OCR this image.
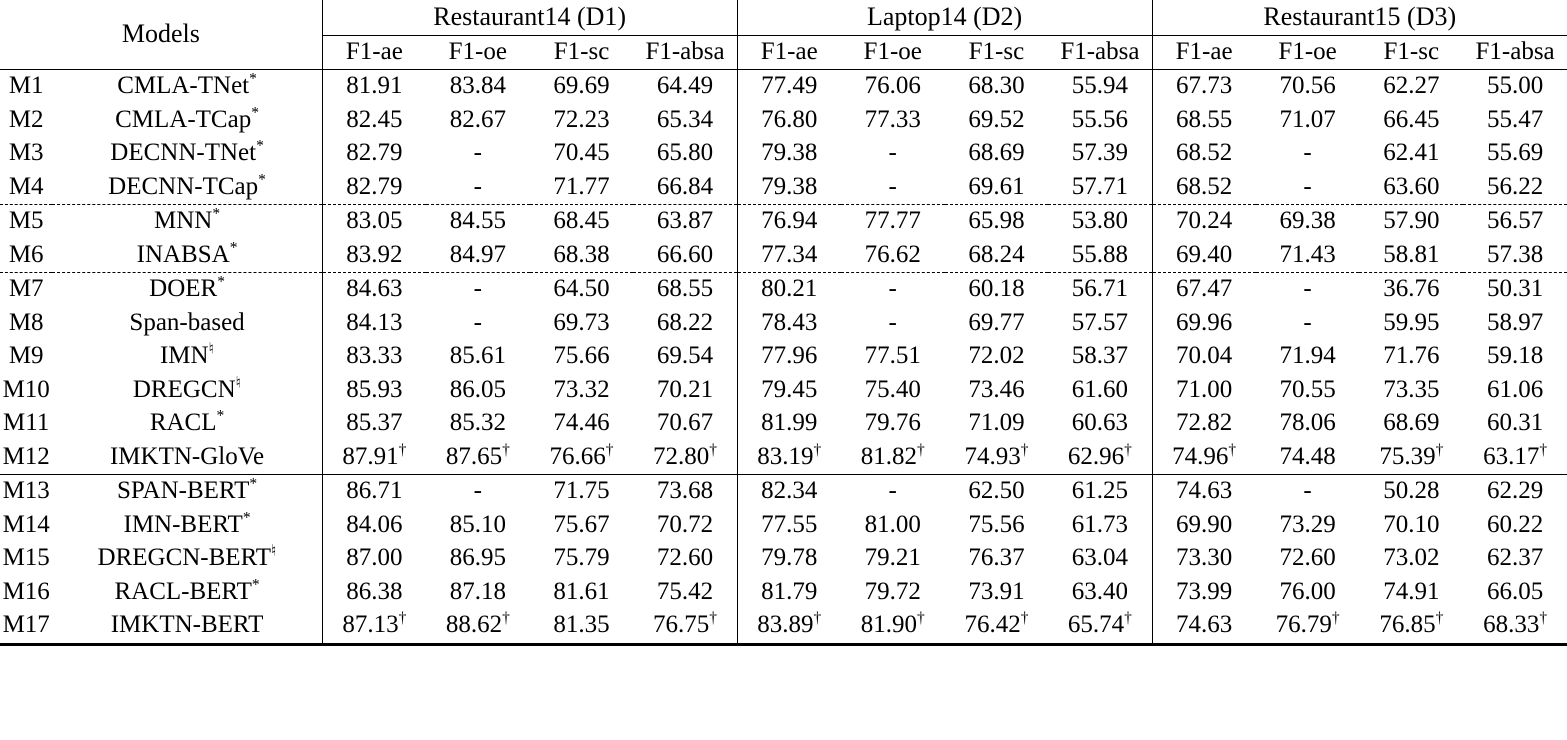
Models		Restaurant14 (D1)				Laptop14 (D2)				Restaurant15 (D3)			
		F1-ae	F1-oe	F1-sc	F1-absa	F1-ae	F1-oe	F1-sc	F1-absa	F1-ae	F1-oe	F1-sc	F1-absa
M1	CMLA-TNet*	81.91	83.84	69.69	64.49	77.49	76.06	68.30	55.94	67.73	70.56	62.27	55.00
M2	CMLA-TCap*	82.45	82.67	72.23	65.34	76.80	77.33	69.52	55.56	68.55	71.07	66.45	55.47
M3	DECNN-TNet*	82.79	-	70.45	65.80	79.38	-	68.69	57.39	68.52	-	62.41	55.69
M4	DECNN-TCap*	82.79	-	71.77	66.84	79.38	-	69.61	57.71	68.52	-	63.60	56.22
M5	MNN*	83.05	84.55	68.45	63.87	76.94	77.77	65.98	53.80	70.24	69.38	57.90	56.57
M6	INABSA*	83.92	84.97	68.38	66.60	77.34	76.62	68.24	55.88	69.40	71.43	58.81	57.38
M7	DOER*	84.63	-	64.50	68.55	80.21	-	60.18	56.71	67.47	-	36.76	50.31
M8	Span-based	84.13	-	69.73	68.22	78.43	-	69.77	57.57	69.96	-	59.95	58.97
M9	IMN♮	83.33	85.61	75.66	69.54	77.96	77.51	72.02	58.37	70.04	71.94	71.76	59.18
M10	DREGCN♮	85.93	86.05	73.32	70.21	79.45	75.40	73.46	61.60	71.00	70.55	73.35	61.06
M11	RACL*	85.37	85.32	74.46	70.67	81.99	79.76	71.09	60.63	72.82	78.06	68.69	60.31
M12	IMKTN-GloVe	87.91†	87.65†	76.66†	72.80†	83.19†	81.82†	74.93†	62.96†	74.96†	74.48	75.39†	63.17†
M13	SPAN-BERT*	86.71	-	71.75	73.68	82.34	-	62.50	61.25	74.63	-	50.28	62.29
M14	IMN-BERT*	84.06	85.10	75.67	70.72	77.55	81.00	75.56	61.73	69.90	73.29	70.10	60.22
M15	DREGCN-BERT♮	87.00	86.95	75.79	72.60	79.78	79.21	76.37	63.04	73.30	72.60	73.02	62.37
M16	RACL-BERT*	86.38	87.18	81.61	75.42	81.79	79.72	73.91	63.40	73.99	76.00	74.91	66.05
M17	IMKTN-BERT	87.13†	88.62†	81.35	76.75†	83.89†	81.90†	76.42†	65.74†	74.63	76.79†	76.85†	68.33†
